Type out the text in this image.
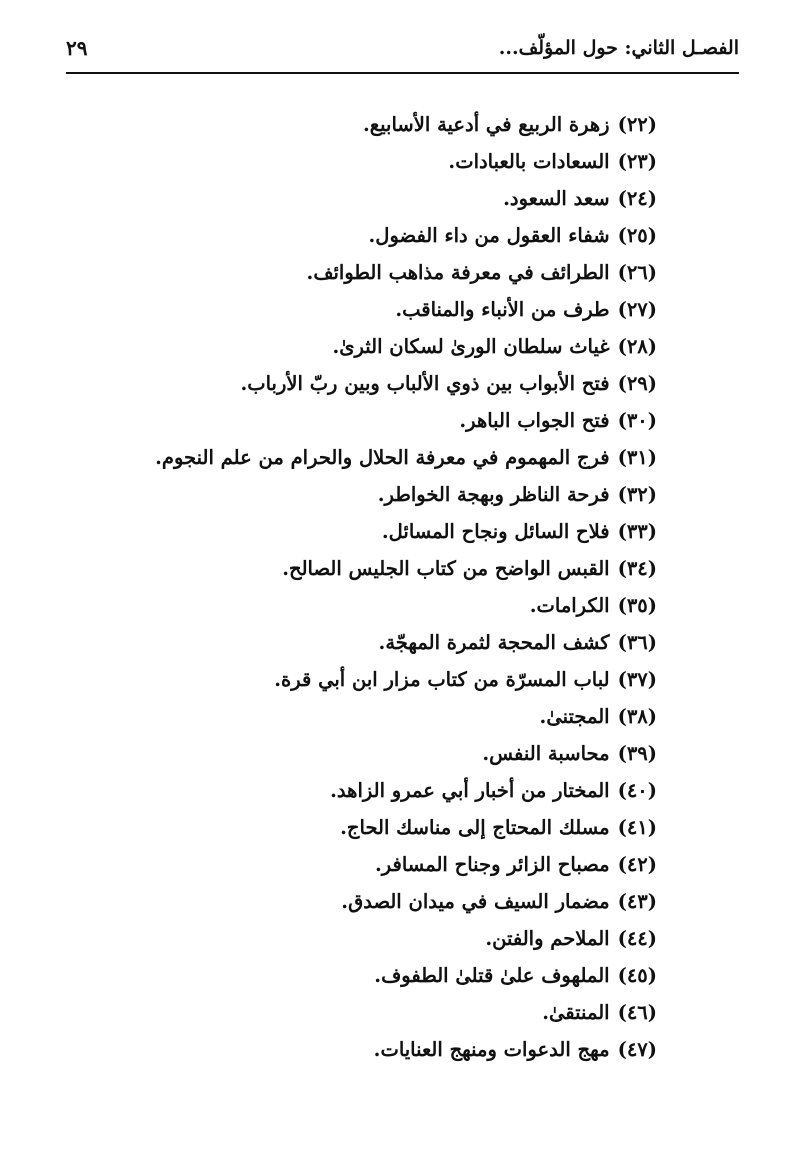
الفصـل الثاني: حول المؤلّف...
٢٩
(٢٢)زهرة الربيع في أدعية الأسابيع.
(٢٣)السعادات بالعبادات.
(٢٤)سعد السعود.
(٢٥)شفاء العقول من داء الفضول.
(٢٦)الطرائف في معرفة مذاهب الطوائف.
(٢٧)طرف من الأنباء والمناقب.
(٢٨)غياث سلطان الورىٰ لسكان الثرىٰ.
(٢٩)فتح الأبواب بين ذوي الألباب وبين ربّ الأرباب.
(٣٠)فتح الجواب الباهر.
(٣١)فرج المهموم في معرفة الحلال والحرام من علم النجوم.
(٣٢)فرحة الناظر وبهجة الخواطر.
(٣٣)فلاح السائل ونجاح المسائل.
(٣٤)القبس الواضح من كتاب الجليس الصالح.
(٣٥)الكرامات.
(٣٦)كشف المحجة لثمرة المهجّة.
(٣٧)لباب المسرّة من كتاب مزار ابن أبي قرة.
(٣٨)المجتنىٰ.
(٣٩)محاسبة النفس.
(٤٠)المختار من أخبار أبي عمرو الزاهد.
(٤١)مسلك المحتاج إلى مناسك الحاج.
(٤٢)مصباح الزائر وجناح المسافر.
(٤٣)مضمار السيف في ميدان الصدق.
(٤٤)الملاحم والفتن.
(٤٥)الملهوف علىٰ قتلىٰ الطفوف.
(٤٦)المنتقىٰ.
(٤٧)مهج الدعوات ومنهج العنايات.
